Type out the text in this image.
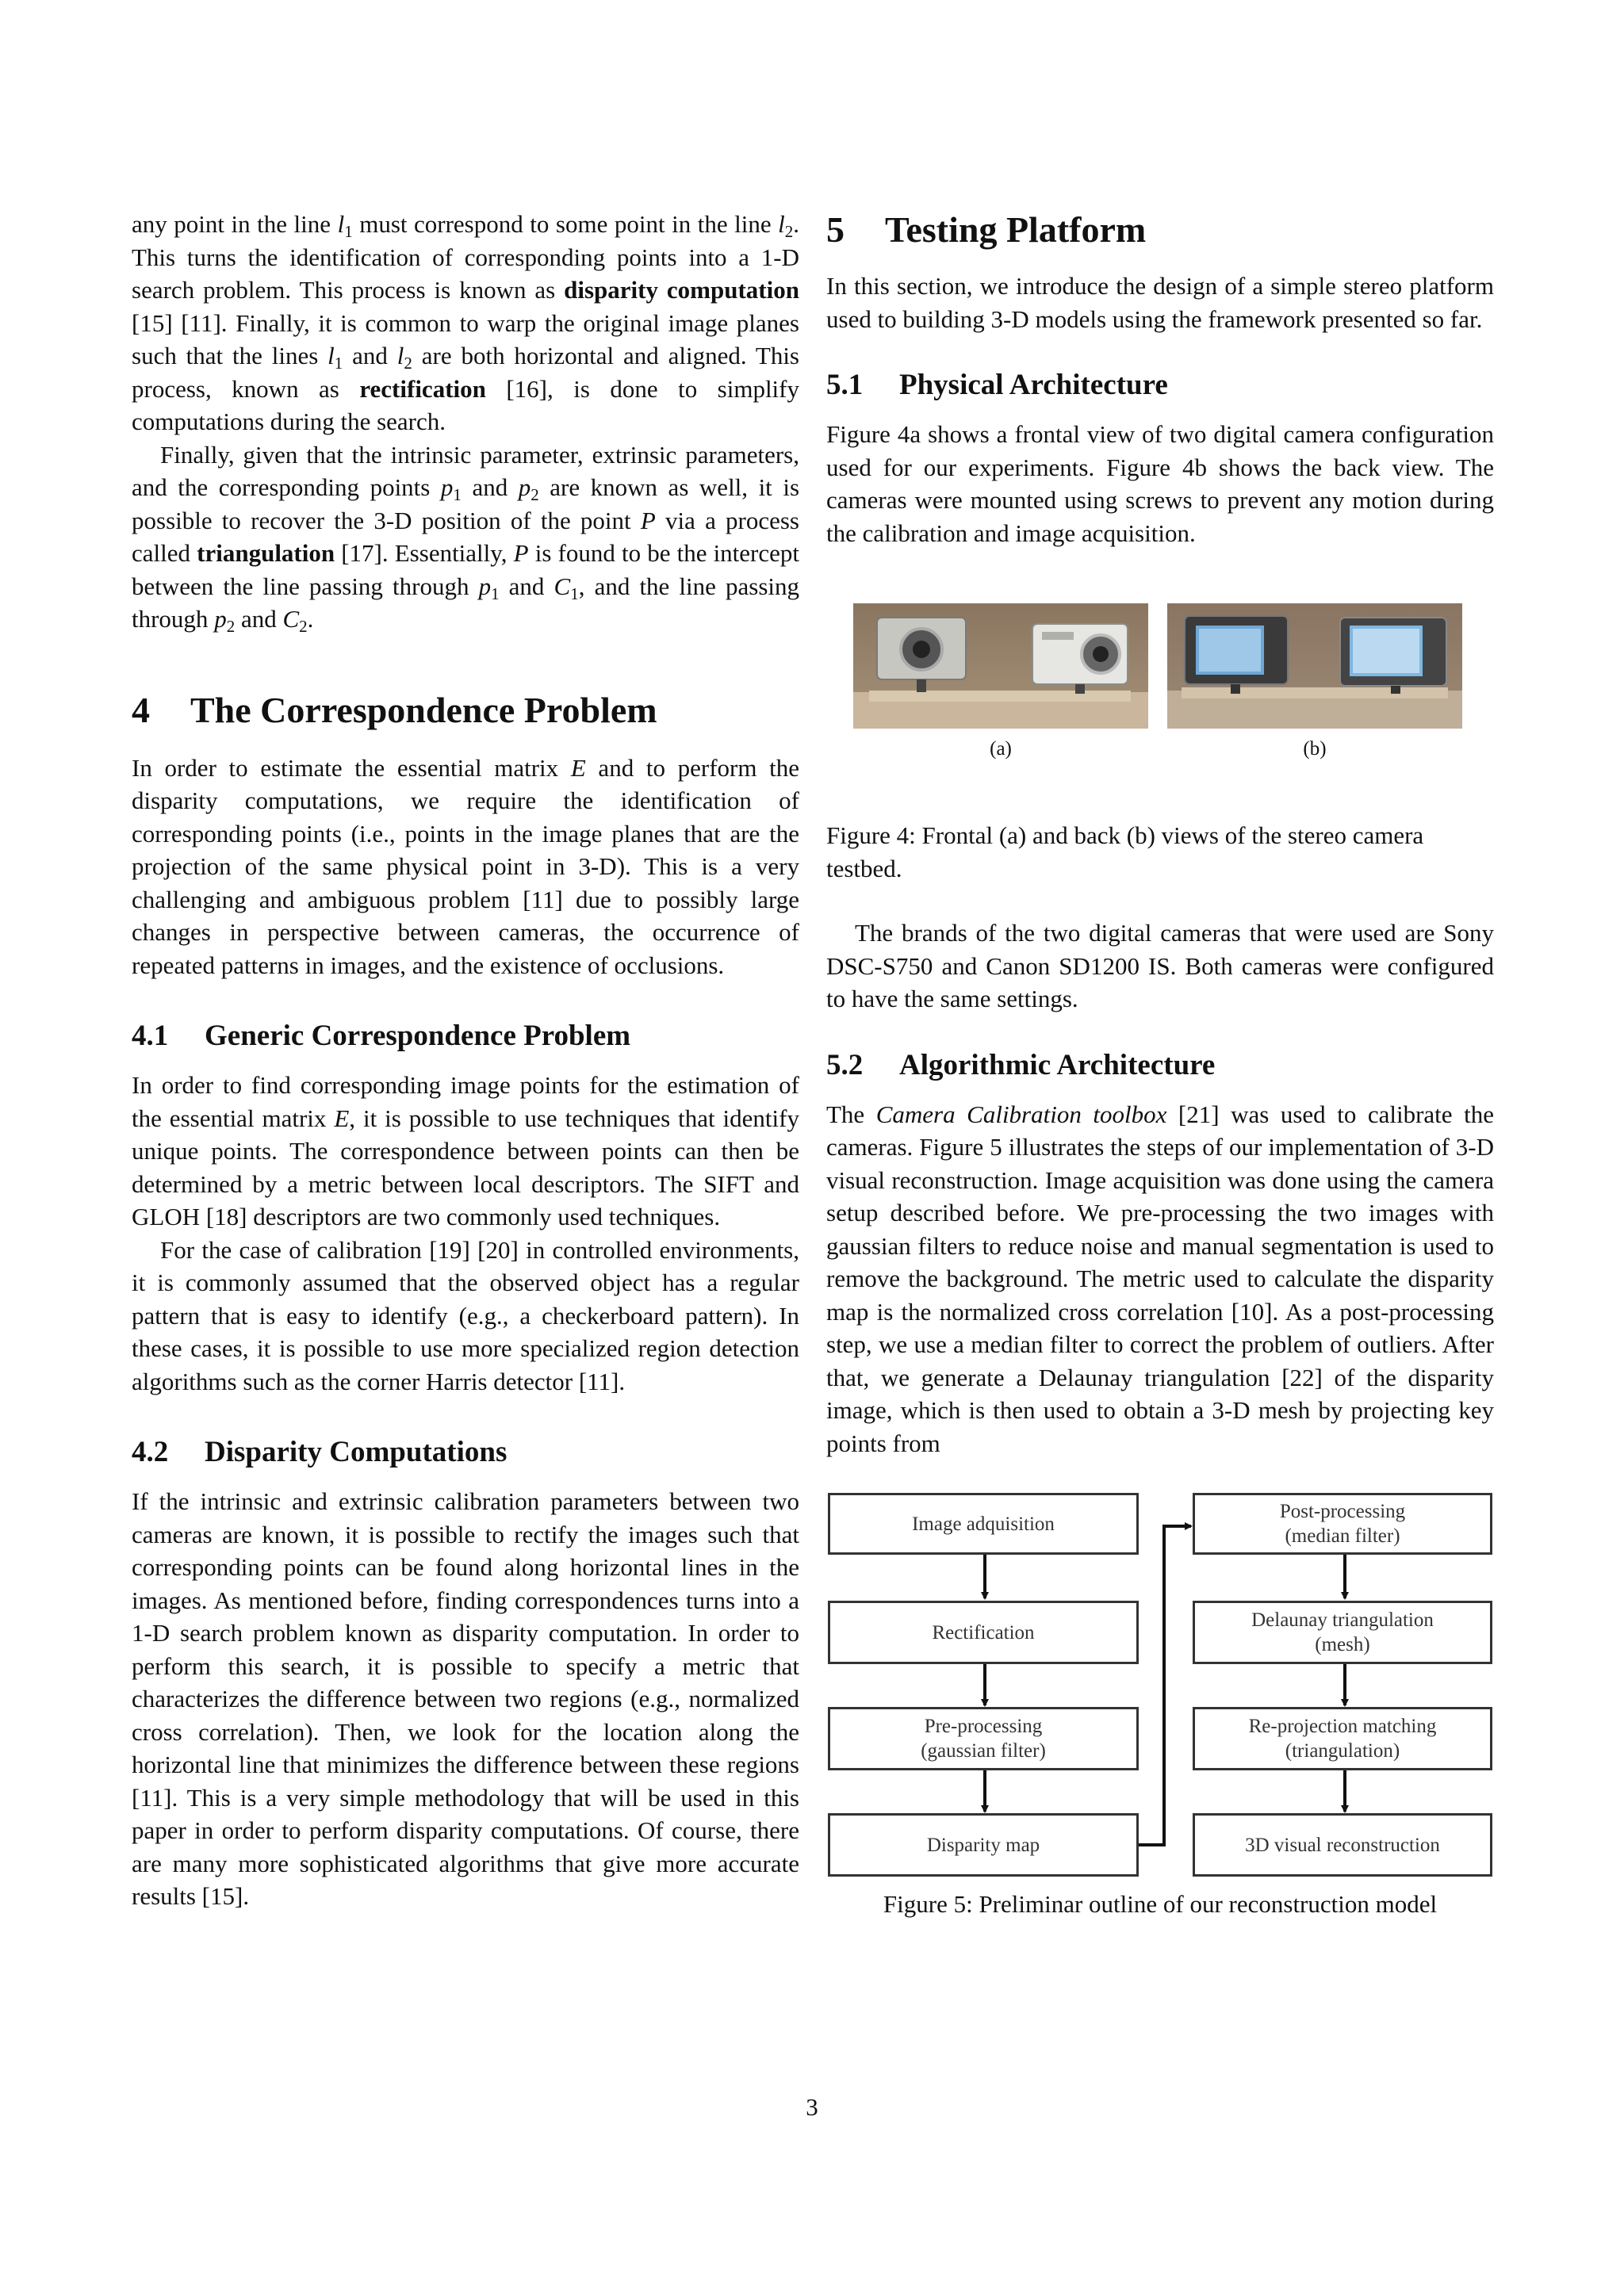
any point in the line $l_1$ must correspond to some point in the line $l_2$. This turns the identification of corresponding points into a 1-D search problem. This process is known as disparity computation [15] [11]. Finally, it is common to warp the original image planes such that the lines $l_1$ and $l_2$ are both horizontal and aligned. This process, known as rectification [16], is done to simplify computations during the search.

Finally, given that the intrinsic parameter, extrinsic parameters, and the corresponding points $p_1$ and $p_2$ are known as well, it is possible to recover the 3-D position of the point P via a process called triangulation [17]. Essentially, P is found to be the intercept between the line passing through $p_1$ and $C_1$, and the line passing through $p_2$ and $C_2$.

4 The Correspondence Problem

In order to estimate the essential matrix E and to perform the disparity computations, we require the identification of corresponding points (i.e., points in the image planes that are the projection of the same physical point in 3-D). This is a very challenging and ambiguous problem [11] due to possibly large changes in perspective between cameras, the occurrence of repeated patterns in images, and the existence of occlusions.

4.1 Generic Correspondence Problem

In order to find corresponding image points for the estimation of the essential matrix E, it is possible to use techniques that identify unique points. The correspondence between points can then be determined by a metric between local descriptors. The SIFT and GLOH [18] descriptors are two commonly used techniques.

For the case of calibration [19] [20] in controlled environments, it is commonly assumed that the observed object has a regular pattern that is easy to identify (e.g., a checkerboard pattern). In these cases, it is possible to use more specialized region detection algorithms such as the corner Harris detector [11].

4.2 Disparity Computations

If the intrinsic and extrinsic calibration parameters between two cameras are known, it is possible to rectify the images such that corresponding points can be found along horizontal lines in the images. As mentioned before, finding correspondences turns into a 1-D search problem known as disparity computation. In order to perform this search, it is possible to specify a metric that characterizes the difference between two regions (e.g., normalized cross correlation). Then, we look for the location along the horizontal line that minimizes the difference between these regions [11]. This is a very simple methodology that will be used in this paper in order to perform disparity computations. Of course, there are many more sophisticated algorithms that give more accurate results [15].

5 Testing Platform

In this section, we introduce the design of a simple stereo platform used to building 3-D models using the framework presented so far.

5.1 Physical Architecture

Figure 4a shows a frontal view of two digital camera configuration used for our experiments. Figure 4b shows the back view. The cameras were mounted using screws to prevent any motion during the calibration and image acquisition.

(a)	(b)

Figure 4: Frontal (a) and back (b) views of the stereo camera testbed.

The brands of the two digital cameras that were used are Sony DSC-S750 and Canon SD1200 IS. Both cameras were configured to have the same settings.

5.2 Algorithmic Architecture

The Camera Calibration toolbox [21] was used to calibrate the cameras. Figure 5 illustrates the steps of our implementation of 3-D visual reconstruction. Image acquisition was done using the camera setup described before. We pre-processing the two images with gaussian filters to reduce noise and manual segmentation is used to remove the background. The metric used to calculate the disparity map is the normalized cross correlation [10]. As a post-processing step, we use a median filter to correct the problem of outliers. After that, we generate a Delaunay triangulation [22] of the disparity image, which is then used to obtain a 3-D mesh by projecting key points from

Image adquisition
Rectification
Pre-processing
(gaussian filter)
Disparity map
Post-processing
(median filter)
Delaunay triangulation
(mesh)
Re-projection matching
(triangulation)
3D visual reconstruction
Figure 5: Preliminar outline of our reconstruction model
3
